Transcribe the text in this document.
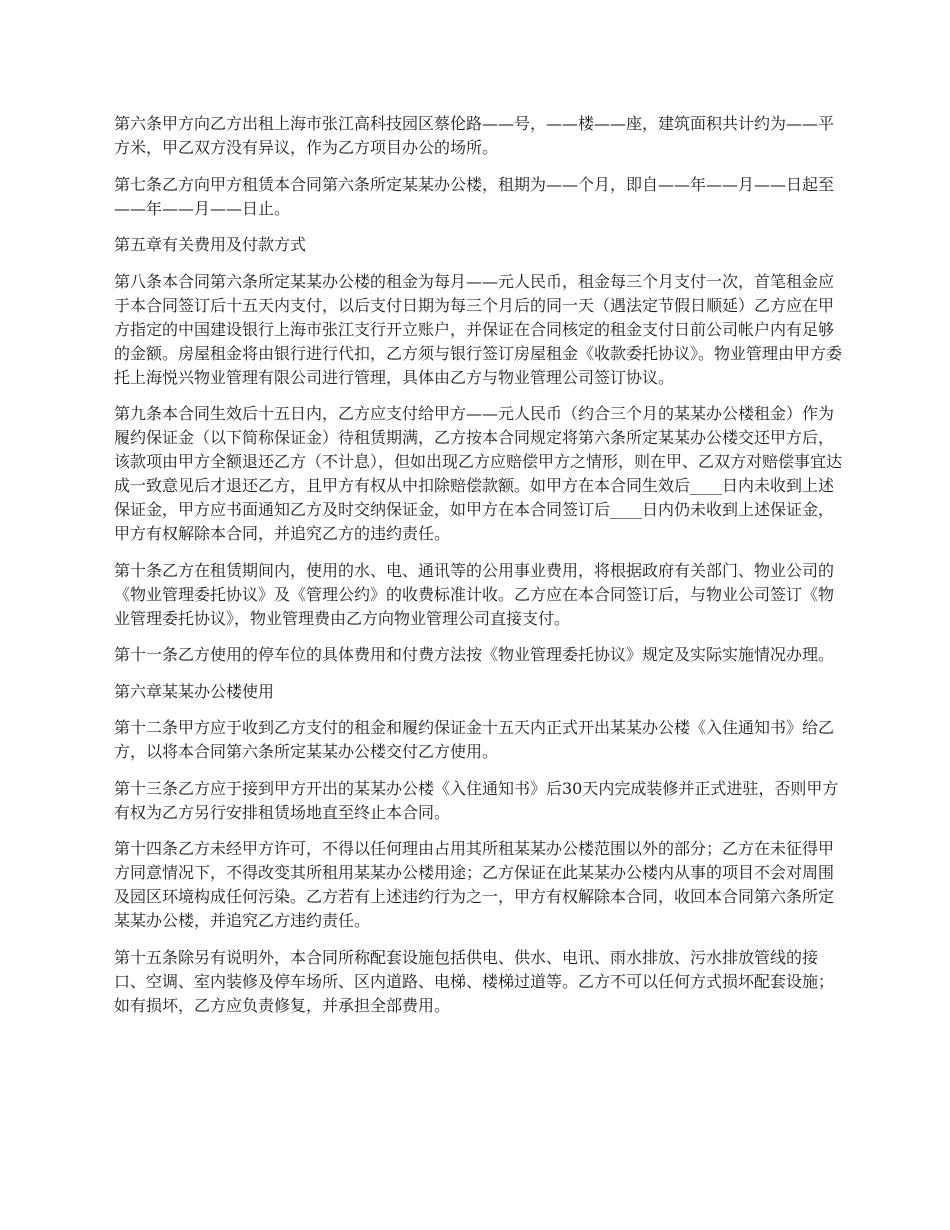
第六条甲方向乙方出租上海市张江高科技园区蔡伦路——号，——楼——座，建筑面积共计约为——平方米，甲乙双方没有异议，作为乙方项目办公的场所。

第七条乙方向甲方租赁本合同第六条所定某某办公楼，租期为——个月，即自——年——月——日起至——年——月——日止。

第五章有关费用及付款方式

第八条本合同第六条所定某某办公楼的租金为每月——元人民币，租金每三个月支付一次，首笔租金应于本合同签订后十五天内支付，以后支付日期为每三个月后的同一天（遇法定节假日顺延）乙方应在甲方指定的中国建设银行上海市张江支行开立账户，并保证在合同核定的租金支付日前公司帐户内有足够的金额。房屋租金将由银行进行代扣，乙方须与银行签订房屋租金《收款委托协议》。物业管理由甲方委托上海悦兴物业管理有限公司进行管理，具体由乙方与物业管理公司签订协议。

第九条本合同生效后十五日内，乙方应支付给甲方——元人民币（约合三个月的某某办公楼租金）作为履约保证金（以下简称保证金）待租赁期满，乙方按本合同规定将第六条所定某某办公楼交还甲方后，该款项由甲方全额退还乙方（不计息），但如出现乙方应赔偿甲方之情形，则在甲、乙双方对赔偿事宜达成一致意见后才退还乙方，且甲方有权从中扣除赔偿款额。如甲方在本合同生效后____日内未收到上述保证金，甲方应书面通知乙方及时交纳保证金，如甲方在本合同签订后____日内仍未收到上述保证金，甲方有权解除本合同，并追究乙方的违约责任。

第十条乙方在租赁期间内，使用的水、电、通讯等的公用事业费用，将根据政府有关部门、物业公司的《物业管理委托协议》及《管理公约》的收费标准计收。乙方应在本合同签订后，与物业公司签订《物业管理委托协议》，物业管理费由乙方向物业管理公司直接支付。

第十一条乙方使用的停车位的具体费用和付费方法按《物业管理委托协议》规定及实际实施情况办理。

第六章某某办公楼使用

第十二条甲方应于收到乙方支付的租金和履约保证金十五天内正式开出某某办公楼《入住通知书》给乙方，以将本合同第六条所定某某办公楼交付乙方使用。

第十三条乙方应于接到甲方开出的某某办公楼《入住通知书》后30天内完成装修并正式进驻，否则甲方有权为乙方另行安排租赁场地直至终止本合同。

第十四条乙方未经甲方许可，不得以任何理由占用其所租某某办公楼范围以外的部分；乙方在未征得甲方同意情况下，不得改变其所租用某某办公楼用途；乙方保证在此某某办公楼内从事的项目不会对周围及园区环境构成任何污染。乙方若有上述违约行为之一，甲方有权解除本合同，收回本合同第六条所定某某办公楼，并追究乙方违约责任。

第十五条除另有说明外，本合同所称配套设施包括供电、供水、电讯、雨水排放、污水排放管线的接口、空调、室内装修及停车场所、区内道路、电梯、楼梯过道等。乙方不可以任何方式损坏配套设施；如有损坏，乙方应负责修复，并承担全部费用。
